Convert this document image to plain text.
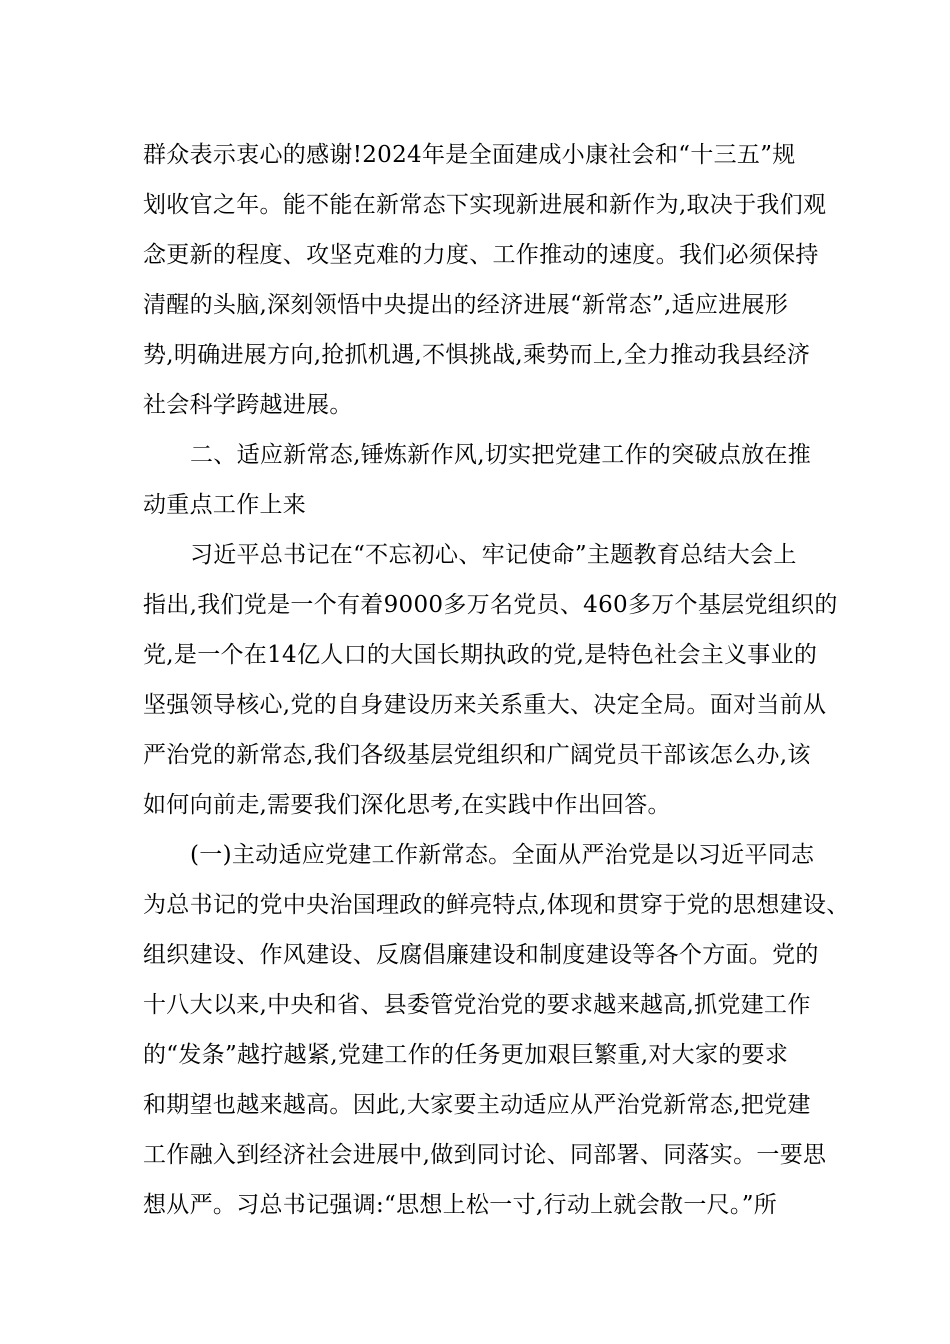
群众表示衷心的感谢!2024年是全面建成小康社会和“十三五”规
划收官之年。能不能在新常态下实现新进展和新作为,取决于我们观
念更新的程度、攻坚克难的力度、工作推动的速度。我们必须保持
清醒的头脑,深刻领悟中央提出的经济进展“新常态”,适应进展形
势,明确进展方向,抢抓机遇,不惧挑战,乘势而上,全力推动我县经济
社会科学跨越进展。
二、适应新常态,锤炼新作风,切实把党建工作的突破点放在推
动重点工作上来
习近平总书记在“不忘初心、牢记使命”主题教育总结大会上
指出,我们党是一个有着9000多万名党员、460多万个基层党组织的
党,是一个在14亿人口的大国长期执政的党,是特色社会主义事业的
坚强领导核心,党的自身建设历来关系重大、决定全局。面对当前从
严治党的新常态,我们各级基层党组织和广阔党员干部该怎么办,该
如何向前走,需要我们深化思考,在实践中作出回答。
(一)主动适应党建工作新常态。全面从严治党是以习近平同志
为总书记的党中央治国理政的鲜亮特点,体现和贯穿于党的思想建设、
组织建设、作风建设、反腐倡廉建设和制度建设等各个方面。党的
十八大以来,中央和省、县委管党治党的要求越来越高,抓党建工作
的“发条”越拧越紧,党建工作的任务更加艰巨繁重,对大家的要求
和期望也越来越高。因此,大家要主动适应从严治党新常态,把党建
工作融入到经济社会进展中,做到同讨论、同部署、同落实。一要思
想从严。习总书记强调:“思想上松一寸,行动上就会散一尺。”所
